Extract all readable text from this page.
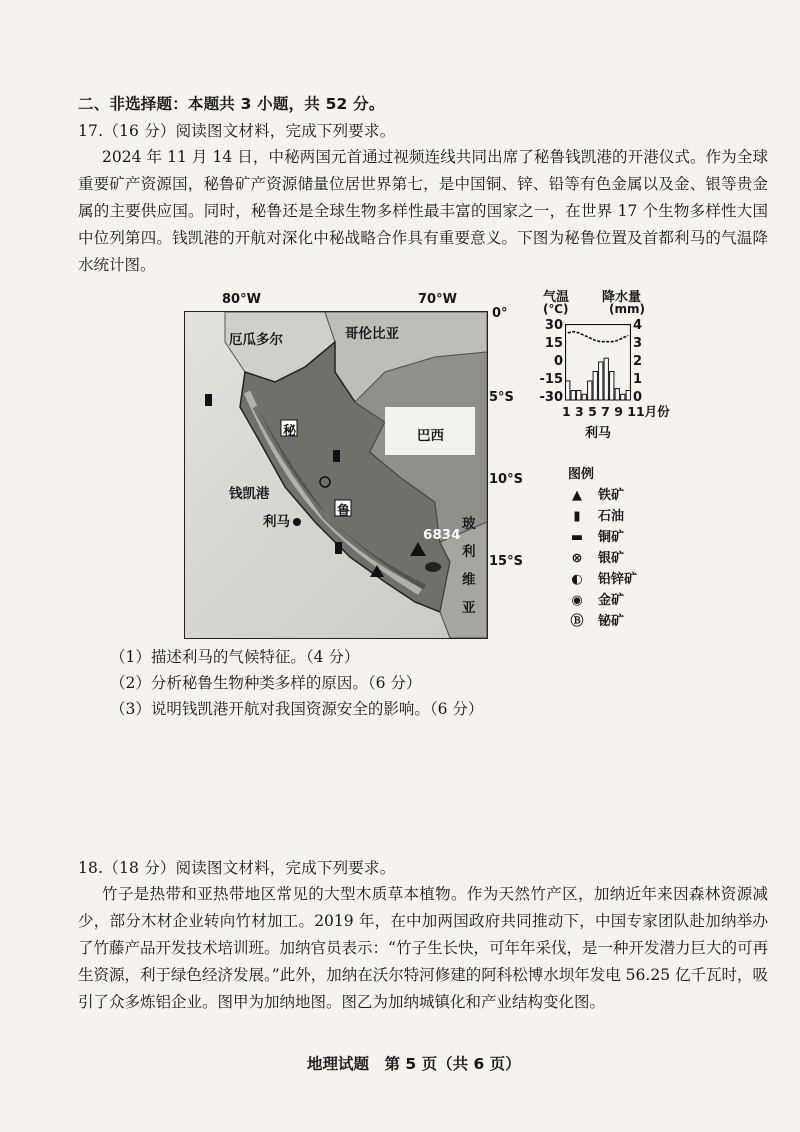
二、非选择题：本题共 3 小题，共 52 分。
17.（16 分）阅读图文材料，完成下列要求。
2024 年 11 月 14 日，中秘两国元首通过视频连线共同出席了秘鲁钱凯港的开港仪式。作为全球重要矿产资源国，秘鲁矿产资源储量位居世界第七，是中国铜、锌、铅等有色金属以及金、银等贵金属的主要供应国。同时，秘鲁还是全球生物多样性最丰富的国家之一，在世界 17 个生物多样性大国中位列第四。钱凯港的开航对深化中秘战略合作具有重要意义。下图为秘鲁位置及首都利马的气温降水统计图。
厄瓜多尔	哥伦比亚
巴西
钱凯港
利马
6834
秘
鲁
玻
利
维
亚
80°W	70°W
0°
5°S
10°S
15°S
气温
(℃)
降水量
(mm)
30
15
0
-15
-30
4
3
2
1
0
1 3 5 7 9 11月份
利马
图例
▲ 铁矿
▮ 石油
▬ 铜矿
⊗ 银矿
◐ 铅锌矿
◉ 金矿
Ⓑ 铋矿
（1）描述利马的气候特征。（4 分）
（2）分析秘鲁生物种类多样的原因。（6 分）
（3）说明钱凯港开航对我国资源安全的影响。（6 分）
18.（18 分）阅读图文材料，完成下列要求。
竹子是热带和亚热带地区常见的大型木质草本植物。作为天然竹产区，加纳近年来因森林资源减少，部分木材企业转向竹材加工。2019 年，在中加两国政府共同推动下，中国专家团队赴加纳举办了竹藤产品开发技术培训班。加纳官员表示：“竹子生长快，可年年采伐，是一种开发潜力巨大的可再生资源，利于绿色经济发展。”此外，加纳在沃尔特河修建的阿科松博水坝年发电 56.25 亿千瓦时，吸引了众多炼铝企业。图甲为加纳地图。图乙为加纳城镇化和产业结构变化图。
地理试题　第 5 页（共 6 页）
